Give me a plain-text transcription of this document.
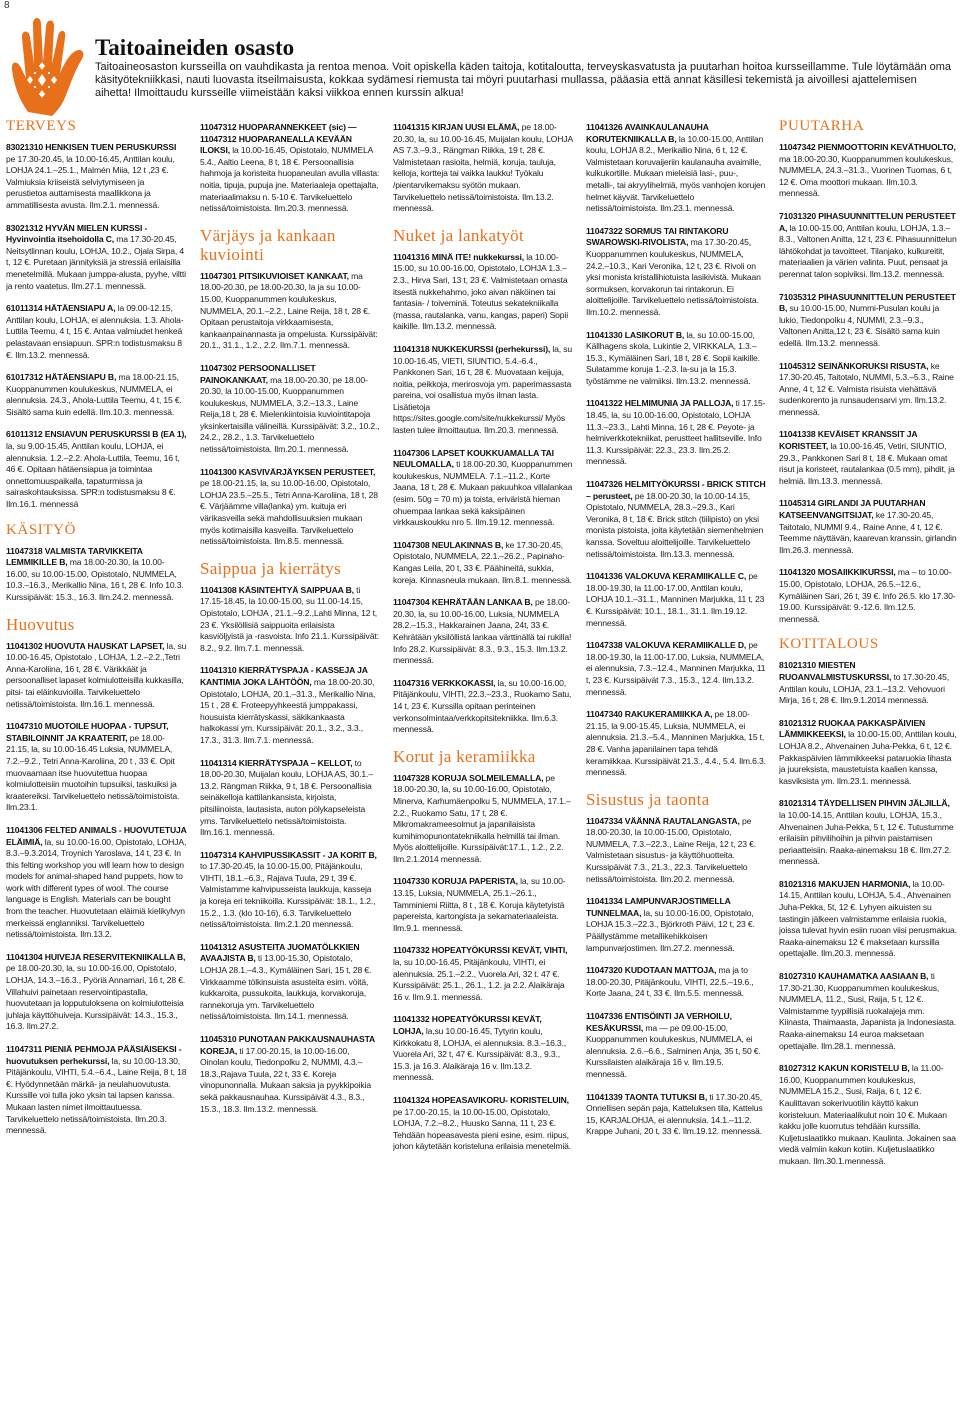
8
Taitoaineiden osasto
Taitoaineosaston kursseilla on vauhdikasta ja rentoa menoa. Voit opiskella käden taitoja, kotitaloutta, terveyskasvatusta ja puutarhan hoitoa kursseillamme. Tule löytämään oma käsityötekniikkasi, nauti luovasta itseilmaisusta, kokkaa sydämesi riemusta tai möyri puutarhasi mullassa, pääasia että annat käsillesi tekemistä ja aivoillesi ajattelemisen aihetta! Ilmoittaudu kursseille viimeistään kaksi viikkoa ennen kurssin alkua!
TERVEYS
83021310 HENKISEN TUEN PERUSKURSSI pe 17.30-20.45, la 10.00-16.45, Anttilan koulu, LOHJA 24.1.–25.1., Malmén Miia, 12 t ,23 €. Valmiuksia kriiseistä selviytymiseen ja perustietoa auttamisesta maallikkona ja ammatillisesta avusta. Ilm.2.1. mennessä.
83021312 HYVÄN MIELEN KURSSI - Hyvinvointia itsehoidolla C, ma 17.30-20.45, Neitsytlinnan koulu, LOHJA, 10.2., Ojala Sirpa, 4 t, 12 €. Puretaan jännityksiä ja stressiä erilaisilla menetelmillä. Mukaan jumppa-alusta, pyyhe, viltti ja rento vaatetus. Ilm.27.1. mennessä.
61011314 HÄTÄENSIAPU A, la 09.00-12.15, Anttilan koulu, LOHJA, ei alennuksia. 1.3. Ahola-Luttila Teemu, 4 t, 15 €. Antaa valmiudet henkeä pelastavaan ensiapuun. SPR:n todistusmaksu 8 €. Ilm.13.2. mennessä.
61017312 HÄTÄENSIAPU B, ma 18.00-21.15, Kuoppanummen koulukeskus, NUMMELA, ei alennuksia. 24.3., Ahola-Luttila Teemu, 4 t, 15 €. Sisältö sama kuin edellä. Ilm.10.3. mennessä.
61011312 ENSIAVUN PERUSKURSSI B (EA 1), la, su 9.00-15.45, Anttilan koulu, LOHJA, ei alennuksia. 1.2.–2.2. Ahola-Luttila, Teemu, 16 t, 46 €. Opitaan hätäensiapua ja toimintaa onnettomuuspaikalla, tapaturmissa ja sairaskohtauksissa. SPR:n todistusmaksu 8 €. Ilm.16.1. mennessä
KÄSITYÖ
11047318 VALMISTA TARVIKKEITA LEMMIKILLE B, ma 18.00-20.30, la 10.00-16.00, su 10.00-15.00, Opistotalo, NUMMELA, 10.3.–16.3., Merikallio Nina, 16 t, 28 €. Info 10.3. Kurssipäivät: 15.3., 16.3. Ilm.24.2. mennessä.
Huovutus
11041302 HUOVUTA HAUSKAT LAPSET, la, su 10.00-16.45, Opistotalo , LOHJA, 1.2.–2.2.,Tetri Anna-Karoliina, 16 t, 28 €. Värikkäät ja persoonalliset lapaset kolmiulotteisilla kukkasilla, pitsi- tai eläinkuvioilla. Tarvikeluettelo netissä/toimistoista. Ilm.16.1. mennessä.
11047310 MUOTOILE HUOPAA - TUPSUT, STABILOINNIT JA KRAATERIT, pe 18.00-21.15, la, su 10.00-16.45 Luksia, NUMMELA, 7.2.–9.2., Tetri Anna-Karoliina, 20 t , 33 €. Opit muovaamaan itse huovutettua huopaa kolmiulotteisiin muotoihin tupsuiksi, taskuiksi ja kraatereiksi. Tarvikeluettelo netissä/toimistoista. Ilm.23.1.
11041306 FELTED ANIMALS - HUOVUTETUJA ELÄIMIÄ, la, su 10.00-16.00, Opistotalo, LOHJA, 8.3.–9.3.2014, Troynich Yaroslava, 14 t, 23 €. In this felting workshop you will learn how to design models for animal-shaped hand puppets, how to work with different types of wool. The course language is English. Materials can be bought from the teacher. Huovutetaan eläimiä kielikylvyn merkeissä englanniksi. Tarvikeluettelo netissä/toimistoista. Ilm.13.2.
11041304 HUIVEJA RESERVITEKNIIKALLA B, pe 18.00-20.30, la, su 10.00-16.00, Opistotalo, LOHJA, 14.3.–16.3., Pyöriä Annamari, 16 t, 28 €. Villahuivi painetaan reservointipastalla, huovutetaan ja lopputuloksena on kolmiulotteisia juhlaja käyttöhuiveja. Kurssipäivät: 14.3., 15.3., 16.3. Ilm.27.2.
11047311 PIENIÄ PEHMOJA PÄÄSIÄISEKSI - huovutuksen perhekurssi, la, su 10.00-13.30, Pitäjänkoulu, VIHTI, 5.4.–6.4., Laine Reija, 8 t, 18 €. Hyödynnetään märkä- ja neulahuovutusta. Kurssille voi tulla joko yksin tai lapsen kanssa. Mukaan lasten nimet ilmoittautuessa. Tarvikeluettelo netissä/toimistoista. Ilm.20.3. mennessä.
11047312 HUOPARANNEKKEET (sic) — 11047312 HUOPARANEALLA KEVÄÄN ILOKSI, la 10.00-16.45, Opistotalo, NUMMELA 5.4., Aaltio Leena, 8 t, 18 €. Persoonallisia hahmoja ja koristeita huopaneulan avulla villasta: noitia, tipuja, pupuja jne. Materiaaleja opettajalta, materiaalimaksu n. 5-10 €. Tarvikeluettelo netissä/toimistoista. Ilm.20.3. mennessä.
Värjäys ja kankaan kuviointi
11047301 PITSIKUVIOISET KANKAAT, ma 18.00-20.30, pe 18.00-20.30, la ja su 10.00-15.00, Kuoppanummen koulukeskus, NUMMELA, 20.1.–2.2., Laine Reija, 18 t, 28 €. Opitaan perustaitoja virkkaamisesta, kankaanpainannasta ja ompelusta. Kurssipäivät: 20.1., 31.1., 1.2., 2.2. Ilm.7.1. mennessä.
11047302 PERSOONALLISET PAINOKANKAAT, ma 18.00-20.30, pe 18.00-20.30, la 10.00-15.00, Kuoppanummen koulukeskus, NUMMELA, 3.2.–13.3., Laine Reija,18 t, 28 €. Mielenkiintoisia kuviointitapoja yksinkertaisilla välineillä. Kurssipäivät: 3.2., 10.2., 24.2., 28.2., 1.3. Tarvikeluettelo netissä/toimistoista. Ilm.20.1. mennessä.
11041300 KASVIVÄRJÄYKSEN PERUSTEET, pe 18.00-21.15, la, su 10.00-16.00, Opistotalo, LOHJA 23.5.–25.5., Tetri Anna-Karoliina, 18 t, 28 €. Värjäämme villa(lanka) ym. kuituja eri värikasveilla sekä mahdollisuuksien mukaan myös kotimaisilla kasveilla. Tarvikeluettelo netissä/toimistoista. Ilm.8.5. mennessä.
Saippua ja kierrätys
11041308 KÄSINTEHTYÄ SAIPPUAA B, ti 17.15-18.45, la 10.00-15.00, su 11.00-14.15, Opistotalo, LOHJA , 21.1.–9.2.,Lahti Minna, 12 t, 23 €. Yksilöllisiä saippuoita erilaisista kasviöljyistä ja -rasvoista. Info 21.1. Kurssipäivät: 8.2., 9.2. Ilm.7.1. mennessä.
11041310 KIERRÄTYSPAJA - KASSEJA JA KANTIMIA JOKA LÄHTÖÖN, ma 18.00-20.30, Opistotalo, LOHJA, 20.1.–31.3., Merikallio Nina, 15 t , 28 €. Froteepyyhkeestä jumppakassi, housuista kierrätyskassi, säkikankaasta halkokassi ym. Kurssipäivät: 20.1., 3.2., 3.3., 17.3., 31.3. Ilm.7.1. mennessä.
11041314 KIERRÄTYSPAJA – KELLOT, to 18.00-20.30, Muijalan koulu, LOHJA AS, 30.1.–13.2. Rängman Riikka, 9 t, 18 €. Persoonallisia seinäkelloja kattilankansista, kirjoista, pitsiliinoista, lautasista, auton pölykapseleista yms. Tarvikeluettelo netissä/toimistoista. Ilm.16.1. mennessä.
11047314 KAHVIPUSSIKASSIT - JA KORIT B, to 17.30-20.45, la 10.00-15.00, Pitäjänkoulu, VIHTI, 18.1.–6.3., Rajava Tuula, 29 t, 39 €. Valmistamme kahvipusseista laukkuja, kasseja ja koreja eri tekniikoilla. Kurssipäivät: 18.1., 1.2., 15.2., 1.3. (klo 10-16), 6.3. Tarvikeluettelo netissä/toimistoista. Ilm.2.1.20 mennessä.
11041312 ASUSTEITA JUOMATÖLKKIEN AVAAJISTA B, ti 13.00-15.30, Opistotalo, LOHJA 28.1.–4.3., Kymäläinen Sari, 15 t, 28 €. Virkkaamme tölkinsuista asusteita esim. vöitä, kukkaroita, pussukoita, laukkuja, korvakoruja, rannekoruja ym. Tarvikeluettelo netissä/toimistoista. Ilm.14.1. mennessä.
11045310 PUNOTAAN PAKKAUSNAUHASTA KOREJA, ti 17.00-20.15, la 10.00-16.00, Oinolan koulu, Tiedonpolku 2, NUMMI, 4.3.–18.3.,Rajava Tuula, 22 t, 33 €. Koreja vinopunonnalla. Mukaan saksia ja pyykkipoikia sekä pakkausnauhaa. Kurssipäivät 4.3., 8.3., 15.3., 18.3. Ilm.13.2. mennessä.
11041315 KIRJAN UUSI ELÄMÄ, pe 18.00-20.30, la, su 10.00-16.45, Muijalan koulu, LOHJA AS 7.3.–9.3., Rängman Riikka, 19 t, 28 €. Valmistetaan rasioita, helmiä, koruja, tauluja, kelloja, kortteja tai vaikka laukku! Työkalu /pientarvikemaksu syötön mukaan. Tarvikeluettelo netissä/toimistoista. Ilm.13.2. mennessä.
Nuket ja lankatyöt
11041316 MINÄ ITE! nukkekurssi, la 10.00-15.00, su 10.00-16.00, Opistotalo, LOHJA 1.3.–2.3., Hirva Sari, 13 t, 23 €. Valmistetaan omasta itsestä nukkehahmo, joko aivan näköinen tai fantasia- / toiveminä. Toteutus sekatekniikalla (massa, rautalanka, vanu, kangas, paperi) Sopii kaikille. Ilm.13.2. mennessä.
11041318 NUKKEKURSSI (perhekurssi), la, su 10.00-16.45, VIETI, SIUNTIO, 5.4.-6.4., Pankkonen Sari, 16 t, 28 €. Muovataan keijuja, noitia, peikkoja, merirosvoja ym. paperimassasta pareina, voi osallistua myös ilman lasta. Lisätietoja https://sites.google.com/site/nukkekurssi/ Myös lasten tulee ilmoittautua. Ilm.20.3. mennessä.
11047306 LAPSET KOUKKUAMALLA TAI NEULOMALLA, ti 18.00-20.30, Kuoppanummen koulukeskus, NUMMELA. 7.1.–11.2., Korte Jaana, 18 t, 28 €. Mukaan pakuuhkoa villalankaa (esim. 50g = 70 m) ja toista, eriväristä hieman ohuempaa lankaa sekä kaksipäinen virkkauskoukku nro 5. Ilm.19.12. mennessä.
11047308 NEULAKINNAS B, ke 17.30-20.45, Opistotalo, NUMMELA, 22.1.–26.2., Papinaho-Kangas Leila, 20 t, 33 €. Päähineitä, sukkia, koreja. Kinnasneula mukaan. Ilm.8.1. mennessä.
11047304 KEHRÄTÄÄN LANKAA B, pe 18.00-20.30, la, su 10.00-16.00, Luksia, NUMMELA 28.2.–15.3., Hakkarainen Jaana, 24t, 33 €. Kehrätään yksilöllistä lankaa värttinällä tai rukilla! Info 28.2. Kurssipäivät: 8.3., 9.3., 15.3. Ilm.13.2. mennessä.
11047316 VERKKOKASSI, la, su 10.00-16.00, Pitäjänkoulu, VIHTI, 22.3.–23.3., Ruokamo Satu, 14 t, 23 €. Kurssilla opitaan perinteinen verkonsolmintaa/verkkopitsitekniikka. Ilm.6.3. mennessä.
Korut ja keramiikka
11047328 KORUJA SOLMEILEMALLA, pe 18.00-20.30, la, su 10.00-16.00, Opistotalo, Minerva, Karhumäenpolku 5, NUMMELA, 17.1.–2.2., Ruokamo Satu, 17 t, 28 €. Mikromakrameesolmut ja japanilaisista kumihimopunontatekniikalla helmillä tai ilman. Myös aloittelijoille. Kurssipäivät:17.1., 1.2., 2.2. Ilm.2.1.2014 mennessä.
11047330 KORUJA PAPERISTA, la, su 10.00-13.15, Luksia, NUMMELA, 25.1.–26.1., Tamminiemi Riitta, 8 t , 18 €. Koruja käytetyistä papereista, kartongista ja sekamateriaaleista. Ilm.9.1. mennessä.
11047332 HOPEATYÖKURSSI KEVÄT, VIHTI, la, su 10.00-16.45, Pitäjänkoulu, VIHTI, ei alennuksia. 25.1.–2.2., Vuorela Ari, 32 t. 47 €. Kurssipäivät: 25.1., 26.1., 1.2. ja 2.2. Alaikäraja 16 v. Ilm.9.1. mennessä.
11041332 HOPEATYÖKURSSI KEVÄT, LOHJA, la,su 10.00-16.45, Tytyrin koulu, Kirkkokatu 8, LOHJA, ei alennuksia. 8.3.–16.3., Vuorela Ari, 32 t, 47 €. Kurssipäivät: 8.3., 9.3., 15.3. ja 16.3. Alaikäraja 16 v. Ilm.13.2. mennessä.
11041324 HOPEASAVIKORU- KORISTELUIN, pe 17.00-20.15, la 10.00-15.00, Opistotalo, LOHJA, 7.2.–8.2., Huusko Sanna, 11 t, 23 €. Tehdään hopeasavesta pieni esine, esim. riipus, johon käytetään koristeluna erilaisia menetelmiä.
11041326 AVAINKAULANAUHA KORUTEKNIIKALLA B, la 10.00-15.00, Anttilan koulu, LOHJA 8.2., Merikallio Nina, 6 t, 12 €. Valmistetaan koruvaijeriin kaulanauha avaimille, kulkukortille. Mukaan mieleisiä lasi-, puu-, metalli-, tai akryylihelmiä, myös vanhojen korujen helmet käyvät. Tarvikeluettelo netissä/toimistoista. Ilm.23.1. mennessä.
11047322 SORMUS TAI RINTAKORU SWAROWSKI-RIVOLISTA, ma 17.30-20.45, Kuoppanummen koulukeskus, NUMMELA, 24.2.–10.3., Kari Veronika, 12 t, 23 €. Rivoli on yksi monista kristallihiotuista lasikivistä. Mukaan sormuksen, korvakorun tai rintakorun. Ei aloittelijoille. Tarvikeluettelo netissä/toimistoista. Ilm.10.2. mennessä.
11041330 LASIKORUT B, la, su 10.00-15.00, Källhagens skola, Lukintie 2, VIRKKALA, 1.3.–15.3., Kymäläinen Sari, 18 t, 28 €. Sopii kaikille. Sulatamme koruja 1.-2.3. la-su ja la 15.3. työstämme ne valmiiksi. Ilm.13.2. mennessä.
11041322 HELMIMUNIA JA PALLOJA, ti 17.15-18.45, la, su 10.00-16.00, Opistotalo, LOHJA 11.3.–23.3., Lahti Minna, 16 t, 28 €. Peyote- ja helmiverkkotekniikat, perustteet hallitseville. Info 11.3. Kurssipäivät: 22.3., 23.3. Ilm.25.2. mennessä.
11047326 HELMITYÖKURSSI - BRICK STITCH – perusteet, pe 18.00-20.30, la 10.00-14.15, Opistotalo, NUMMELA, 28.3.–29.3., Kari Veronika, 8 t, 18 €. Brick stitch (tiilipisto) on yksi monista pistoista, joita käytetään siemenhelmien kanssa. Soveltuu aloittelijoille. Tarvikeluettelo netissä/toimistoista. Ilm.13.3. mennessä.
11041336 VALOKUVA KERAMIIKALLE C, pe 18.00-19.30, la 11.00-17.00, Anttilan koulu, LOHJA 10.1.–31.1., Manninen Marjukka, 11 t, 23 €. Kurssipäivät: 10.1., 18.1., 31.1. Ilm.19.12. mennessä.
11047338 VALOKUVA KERAMIIKALLE D, pe 18.00-19.30, la 11.00-17.00, Luksia, NUMMELA, ei alennuksia, 7.3.–12.4., Manninen Marjukka, 11 t, 23 €. Kurssipäivät 7.3., 15.3., 12.4. Ilm.13.2. mennessä.
11047340 RAKUKERAMIIKKA A, pe 18.00-21.15, la 9.00-15.45, Luksia, NUMMELA, ei alennuksia. 21.3.–5.4., Manninen Marjukka, 15 t, 28 €. Vanha japanilainen tapa tehdä keramiikkaa. Kurssipäivät 21.3., 4.4., 5.4. Ilm.6.3. mennessä.
Sisustus ja taonta
11047334 VÄÄNNÄ RAUTALANGASTA, pe 18.00-20.30, la 10.00-15.00, Opistotalo, NUMMELA, 7.3.–22.3., Laine Reija, 12 t, 23 €. Valmistetaan sisustus- ja käyttöhuotteita. Kurssipäivät 7.3., 21.3., 22.3. Tarvikeluettelo netissä/toimistoista. Ilm.20.2. mennessä.
11041334 LAMPUNVARJOSTIMELLA TUNNELMAA, la, su 10.00-16.00, Opistotalo, LOHJA 15.3.–22.3., Björkroth Päivi, 12 t, 23 €. Päällystämme metallikehikkoisen lampunvarjostimen. Ilm.27.2. mennessä.
11047320 KUDOTAAN MATTOJA, ma ja to 18.00-20.30, Pitäjänkoulu, VIHTI, 22.5.–19.6., Korte Jaana, 24 t, 33 €. Ilm.5.5. mennessä.
11047336 ENTISÖINTI JA VERHOILU, KESÄKURSSI, ma — pe 09.00-15.00, Kuoppanummen koulukeskus, NUMMELA, ei alennuksia. 2.6.–6.6., Salminen Anja, 35 t, 50 €. Kurssilaisten alaikäraja 16 v. Ilm.19.5. mennessä.
11041339 TAONTA TUTUKSI B, ti 17.30-20.45, Onnellisen sepän paja, Katteluksen tila, Kattelus 15, KARJALOHJA, ei alennuksia. 14.1.–11.2. Krappe Juhani, 20 t, 33 €. Ilm.19.12. mennessä.
PUUTARHA
11047342 PIENMOOTTORIN KEVÄTHUOLTO, ma 18.00-20.30, Kuoppanummen koulukeskus, NUMMELA, 24.3.–31.3., Vuorinen Tuomas, 6 t, 12 €. Oma moottori mukaan. Ilm.10.3. mennessä.
71031320 PIHASUUNNITTELUN PERUSTEET A, la 10.00-15.00, Anttilan koulu, LOHJA, 1.3.–8.3., Valtonen Anitta, 12 t, 23 €. Pihasuunnittelun lähtökohdat ja tavoitteet. Tilanjako, kulkureitit, materiaalien ja värien valinta. Puut, pensaat ja perennat talon sopiviksi. Ilm.13.2. mennessä.
71035312 PIHASUUNNITTELUN PERUSTEET B, su 10.00-15.00, Nummi-Pusulan koulu ja lukio, Tiedonpolku 4, NUMMI, 2.3.–9.3., Valtonen Anitta,12 t, 23 €. Sisältö sama kuin edellä. Ilm.13.2. mennessä.
11045312 SEINÄNKORUKSI RISUSTA, ke 17.30-20.45, Taitotalo, NUMMI, 5.3.–5.3., Raine Anne, 4 t, 12 €. Valmista risuista viehättävä sudenkorento ja runsaudensarvi ym. Ilm.13.2. mennessä.
11041338 KEVÄISET KRANSSIT JA KORISTEET, la 10.00-16.45, Vetiri, SIUNTIO, 29.3., Pankkonen Sari 8 t, 18 €. Mukaan omat risut ja koristeet, rautalankaa (0.5 mm), pihdit, ja helmiä. Ilm.13.3. mennessä.
11045314 GIRLANDI JA PUUTARHAN KATSEENVANGITSIJAT, ke 17.30-20.45, Taitotalo, NUMMI 9.4., Raine Anne, 4 t, 12 €. Teemme näyttävän, kaarevan kranssin, girlandin Ilm.26.3. mennessä.
11041320 MOSAIIKKIKURSSI, ma – to 10.00-15.00, Opistotalo, LOHJA, 26.5.–12.6., Kymäläinen Sari, 26 t, 39 €. Info 26.5. klo 17.30-19.00. Kurssipäivät: 9.-12.6. Ilm.12.5. mennessä.
KOTITALOUS
81021310 MIESTEN RUOANVALMISTUSKURSSI, to 17.30-20.45, Anttilan koulu, LOHJA, 23.1.–13.2. Vehovuori Mirja, 16 t, 28 €. Ilm.9.1.2014 mennessä.
81021312 RUOKAA PAKKASPÄIVIEN LÄMMIKKEEKSI, la 10.00-15.00, Anttilan koulu, LOHJA 8.2., Ahvenainen Juha-Pekka, 6 t, 12 €. Pakkaspäivien lämmikkeeksi pataruokia lihasta ja juureksista, maustetuista kaalien kanssa, kasviksista ym. Ilm.23.1. mennessä.
81021314 TÄYDELLISEN PIHVIN JÄLJILLÄ, la 10.00-14.15, Anttilan koulu, LOHJA, 15.3., Ahvenainen Juha-Pekka, 5 t, 12 €. Tutustumme erilaisiin pihvilihoihin ja pihvin paistamisen periaatteisiin. Raaka-ainemaksu 18 €. Ilm.27.2. mennessä.
81021316 MAKUJEN HARMONIA, la 10.00-14.15, Anttilan koulu, LOHJA, 5.4., Ahvenainen Juha-Pekka, 5t, 12 €. Lyhyen aikuisten su tastingin jälkeen valmistamme erilaisia ruokia, joissa tulevat hyvin esiin ruoan viisi perusmakua. Raaka-ainemaksu 12 € maksetaan kurssilla opettajalle. Ilm.20.3. mennessä.
81027310 KAUHAMATKA AASIAAN B, ti 17.30-21.30, Kuoppanummen koulukeskus, NUMMELA, 11.2., Susi, Raija, 5 t, 12 €. Valmistamme tyypillisiä ruokalajeja mm. Kiinasta, Thaimaasta, Japanista ja Indonesiasta. Raaka-ainemaksu 14 euroa maksetaan opettajalle. Ilm.28.1. mennessä.
81027312 KAKUN KORISTELU B, la 11.00-16.00, Kuoppanummen koulukeskus, NUMMELA 15.2., Susi, Raija, 6 t, 12 €. Kaulittavan sokerivuotilin käyttö kakun koristeluun. Materiaalikulut noin 10 €. Mukaan kakku jolle kuorrutus tehdään kurssilla. Kuljetuslaatikko mukaan. Kaulinta. Jokainen saa viedä valmiin kakun kotiin. Kuljetuslaatikko mukaan. Ilm.30.1.mennessä.
